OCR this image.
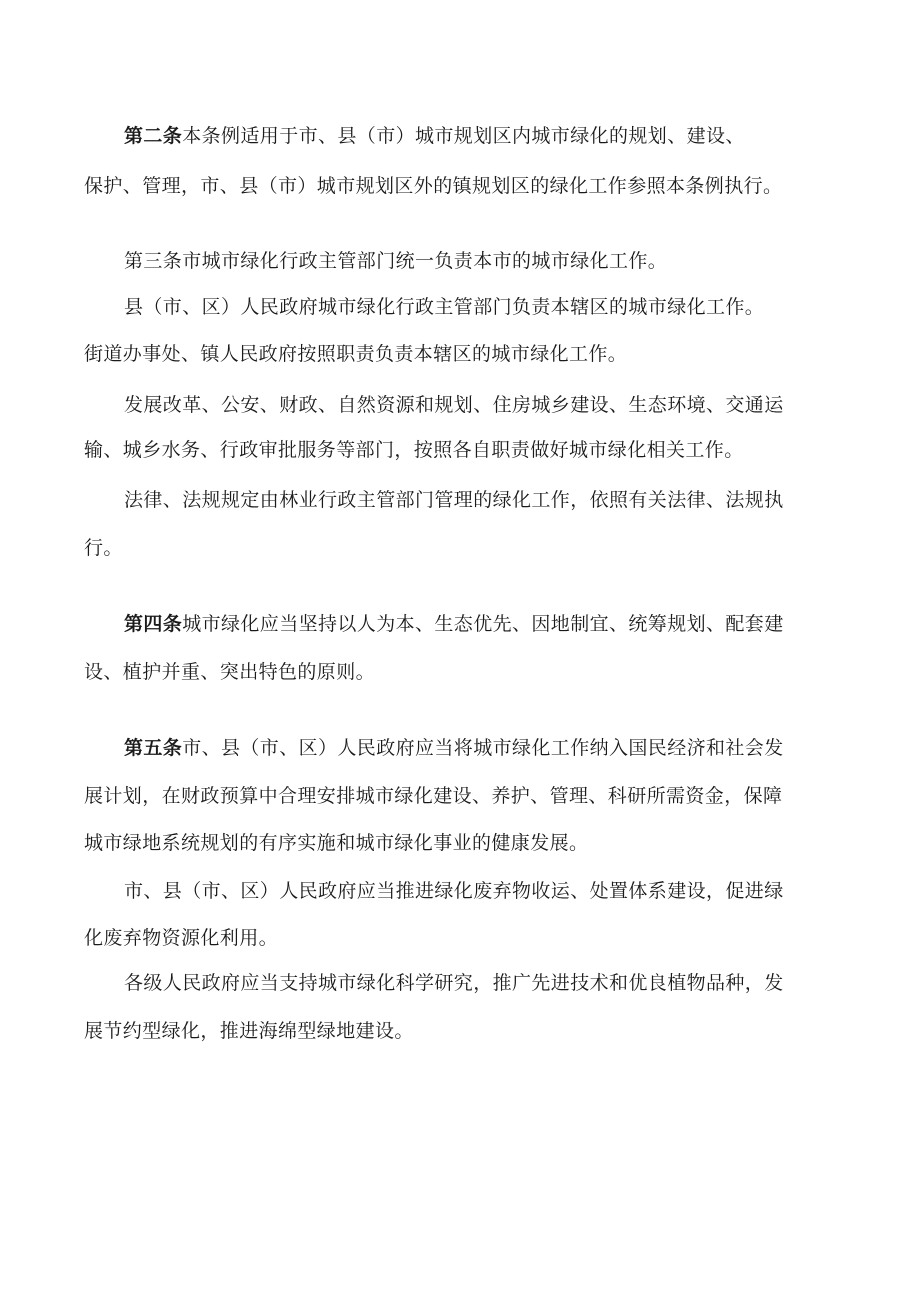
第二条本条例适用于市、县（市）城市规划区内城市绿化的规划、建设、
保护、管理，市、县（市）城市规划区外的镇规划区的绿化工作参照本条例执行。
第三条市城市绿化行政主管部门统一负责本市的城市绿化工作。
县（市、区）人民政府城市绿化行政主管部门负责本辖区的城市绿化工作。
街道办事处、镇人民政府按照职责负责本辖区的城市绿化工作。
发展改革、公安、财政、自然资源和规划、住房城乡建设、生态环境、交通运
输、城乡水务、行政审批服务等部门，按照各自职责做好城市绿化相关工作。
法律、法规规定由林业行政主管部门管理的绿化工作，依照有关法律、法规执
行。
第四条城市绿化应当坚持以人为本、生态优先、因地制宜、统筹规划、配套建
设、植护并重、突出特色的原则。
第五条市、县（市、区）人民政府应当将城市绿化工作纳入国民经济和社会发
展计划，在财政预算中合理安排城市绿化建设、养护、管理、科研所需资金，保障
城市绿地系统规划的有序实施和城市绿化事业的健康发展。
市、县（市、区）人民政府应当推进绿化废弃物收运、处置体系建设，促进绿
化废弃物资源化利用。
各级人民政府应当支持城市绿化科学研究，推广先进技术和优良植物品种，发
展节约型绿化，推进海绵型绿地建设。
